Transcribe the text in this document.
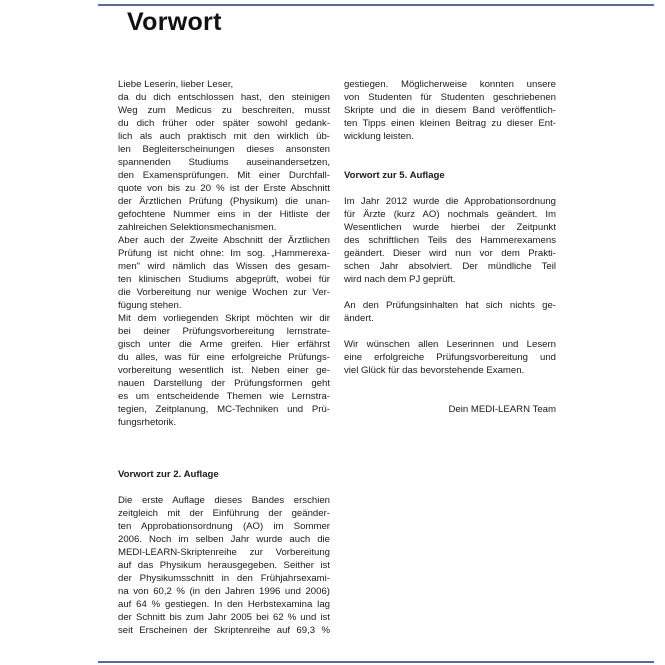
Vorwort

Liebe Leserin, lieber Leser,

da du dich entschlossen hast, den steinigen

Weg zum Medicus zu beschreiten, musst

du dich früher oder später sowohl gedank-

lich als auch praktisch mit den wirklich üb-

len Begleiterscheinungen dieses ansonsten

spannenden Studiums auseinandersetzen,

den Examensprüfungen. Mit einer Durchfall-

quote von bis zu 20 % ist der Erste Abschnitt

der Ärztlichen Prüfung (Physikum) die unan-

gefochtene Nummer eins in der Hitliste der

zahlreichen Selektionsmechanismen.

Aber auch der Zweite Abschnitt der Ärztlichen

Prüfung ist nicht ohne: Im sog. „Hammerexa-

men" wird nämlich das Wissen des gesam-

ten klinischen Studiums abgeprüft, wobei für

die Vorbereitung nur wenige Wochen zur Ver-

fügung stehen.

Mit dem vorliegenden Skript möchten wir dir

bei deiner Prüfungsvorbereitung lernstrate-

gisch unter die Arme greifen. Hier erfährst

du alles, was für eine erfolgreiche Prüfungs-

vorbereitung wesentlich ist. Neben einer ge-

nauen Darstellung der Prüfungsformen geht

es um entscheidende Themen wie Lernstra-

tegien, Zeitplanung, MC-Techniken und Prü-

fungsrhetorik.

Vorwort zur 2. Auflage

Die erste Auflage dieses Bandes erschien

zeitgleich mit der Einführung der geänder-

ten Approbationsordnung (AO) im Sommer

2006. Noch im selben Jahr wurde auch die

MEDI-LEARN-Skriptenreihe zur Vorbereitung

auf das Physikum herausgegeben. Seither ist

der Physikumsschnitt in den Frühjahrsexami-

na von 60,2 % (in den Jahren 1996 und 2006)

auf 64 % gestiegen. In den Herbstexamina lag

der Schnitt bis zum Jahr 2005 bei 62 % und ist

seit Erscheinen der Skriptenreihe auf 69,3 %

gestiegen. Möglicherweise konnten unsere

von Studenten für Studenten geschriebenen

Skripte und die in diesem Band veröffentlich-

ten Tipps einen kleinen Beitrag zu dieser Ent-

wicklung leisten.

Vorwort zur 5. Auflage

Im Jahr 2012 wurde die Approbationsordnung

für Ärzte (kurz AO) nochmals geändert. Im

Wesentlichen wurde hierbei der Zeitpunkt

des schriftlichen Teils des Hammerexamens

geändert. Dieser wird nun vor dem Prakti-

schen Jahr absolviert. Der mündliche Teil

wird nach dem PJ geprüft.

An den Prüfungsinhalten hat sich nichts ge-

ändert.

Wir wünschen allen Leserinnen und Lesern

eine erfolgreiche Prüfungsvorbereitung und

viel Glück für das bevorstehende Examen.

Dein MEDI-LEARN Team
